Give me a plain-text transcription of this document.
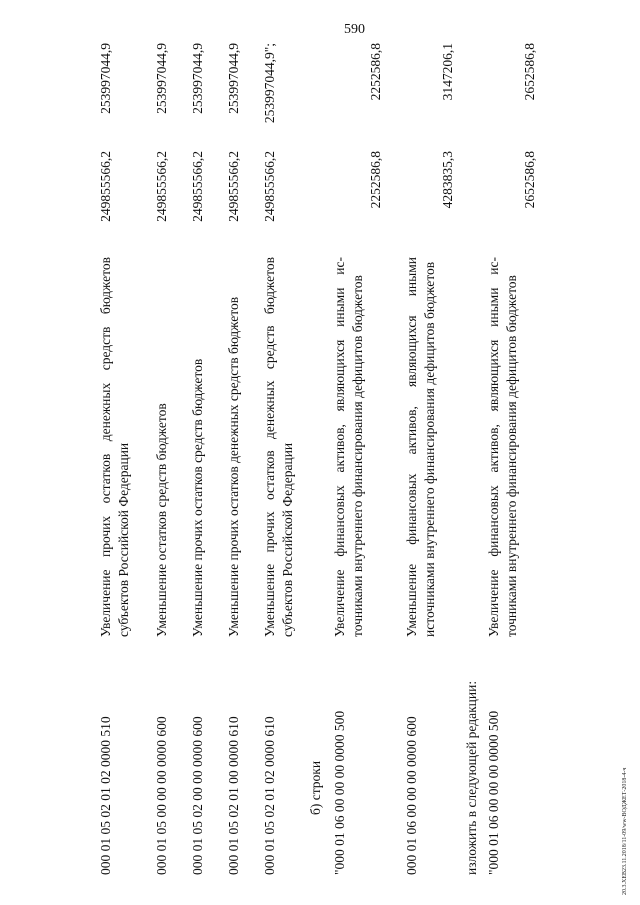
590
20.3.XEB23.11.2018/11-09/ww-BОДЖЕТ-2018-4-ч
000 01 05 02 01 02 0000 510
Увеличение прочих остатков денежных средств бюджетов субъектов Российской Федерации
249855566,2
253997044,9
000 01 05 00 00 00 0000 600
Уменьшение остатков средств бюджетов
249855566,2
253997044,9
000 01 05 02 00 00 0000 600
Уменьшение прочих остатков средств бюджетов
249855566,2
253997044,9
000 01 05 02 01 00 0000 610
Уменьшение прочих остатков денежных средств бюджетов
249855566,2
253997044,9
000 01 05 02 01 02 0000 610
Уменьшение прочих остатков денежных средств бюджетов субъектов Российской Федерации
249855566,2
253997044,9";
б) строки "000 01 06 00 00 00 0000 500
Увеличение финансовых активов, являющихся иными источниками внутреннего финансирования дефицитов бюджетов
2252586,8
2252586,8
000 01 06 00 00 00 0000 600
Уменьшение финансовых активов, являющихся иными источниками внутреннего финансирования дефицитов бюджетов
4283835,3
3147206,1
изложить в следующей редакции: "000 01 06 00 00 00 0000 500
Увеличение финансовых активов, являющихся иными источниками внутреннего финансирования дефицитов бюджетов
2652586,8
2652586,8
